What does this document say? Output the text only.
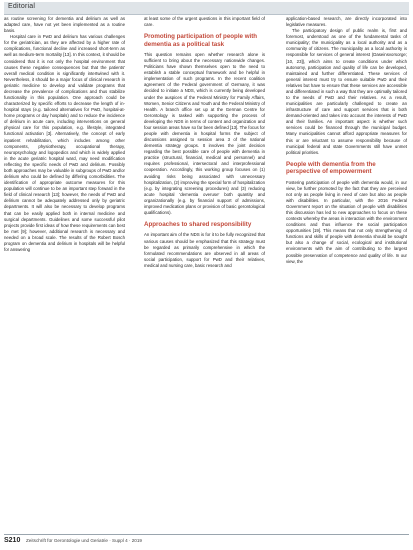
Editorial

as routine screening for dementia and delirium as well as adapted care, have not yet been implemented as a routine basis.

Hospital care in PwD and delirium has various challenges for the geriatrician, as they are affected by a higher rate of complications, functional decline and increased short-term as well as medium-term mortality [13]. In this context, it should be considered that it is not only the hospital environment that causes these negative consequences but that the patients' overall medical condition is significantly intertwined with it. Nevertheless, it should be a major focus of clinical research in geriatric medicine to develop and validate programs that decrease the prevalence of complications and thus stabilize functionality in this population. One approach could be characterized by specific efforts to decrease the length of in-hospital stays (e.g. tailored alternatives for PwD, hospital-at-home programs or day hospitals) and to reduce the incidence of delirium in acute care, including interventions on general physical care for this population, e.g. lifestyle, integrated functional activation [3]. Alternatively, the concept of early inpatient rehabilitation, which includes among other components, physiotherapy, occupational therapy, neuropsychology and logopedics and which is widely applied in the acute geriatric hospital ward, may need modification reflecting the specific needs of PwD and delirium. Possibly both approaches may be valuable in subgroups of PwD and/or delirium who could be defined by differing comorbidities. The identification of appropriate outcome measures for this population will continue to be an important step forward in the field of clinical research [13]; however, the needs of PwD and delirium cannot be adequately addressed only by geriatric departments. It will also be necessary to develop programs that can be easily applied both in internal medicine and surgical departments. Guidelines and some successful pilot projects provide first ideas of how these requirements can best be met [9]; however, additional research is necessary and needed on a broad scale. The results of the Robert Bosch program on dementia and delirium in hospitals will be helpful for answering

at least some of the urgent questions in this important field of care.

Promoting participation of people with dementia as a political task

This question remains open whether research alone is sufficient to bring about the necessary nationwide changes. Politicians have shown themselves open to the need to establish a stable conceptual framework and be helpful in implementation of such programs. In the recent coalition agreement of the Federal government of Germany, it was decided to initiate a NDS, which is currently being developed under the auspices of the Federal Ministry for Family Affairs, Women, Senior Citizens and Youth and the Federal Ministry of Health. A branch office set up at the German Centre for Gerontology is tasked with supporting the process of developing the NDS in terms of content and organization and four session areas have so far been defined [13]. The focus for people with dementia in hospital forms the subject of discussions assigned to session area 3 of the national dementia strategy groups. It involves the joint decision regarding the best possible care of people with dementia in practice (structural, financial, medical and personnel) and requires professional, intersectoral and interprofessional cooperation. Accordingly, this working group focuses on (1) avoiding risks being associated with unnecessary hospitalization, (2) improving the special form of hospitalization (e.g. by integrating screening procedures) and (3) reducing acute hospital 'dementia overuse' both quantity and organizationally (e.g. by financial support of admissions, improved medication plans or provision of basic gerontological qualifications).

Approaches to shared responsibility

An important aim of the NDS is for it to be fully recognized that various causes should be emphasized that this strategy must be regarded as primarily comprehensive in which the formulated recommendations are observed in all areas of social participation, support for PwD and their relatives, medical and nursing care, basic research and

application-based research, are directly incorporated into legislative measures.

The participatory design of public realm is, first and foremost, understood as one of the fundamental tasks of municipality; the municipality as a local authority and as a community of citizens. The municipality as a local authority is responsible for services of general interest (Daseinsvorsorge; [10, 23]), which aims to create conditions under which autonomy, participation and quality of life can be developed, maintained and further differentiated. These services of general interest must try to ensure suitable PwD and their relatives but have to ensure that these services are accessible and differentiated in such a way that they are optimally tailored to the needs of PwD and their relatives. As a result, municipalities are particularly challenged to create an infrastructure of care and support services that is both demand-oriented and takes into account the interests of PwD and their families. An important aspect is whether such services could be financed through the municipal budget. Many municipalities cannot afford appropriate measures for this or are reluctant to assume responsibility because of municipal federal and state Governments still have unmet political priorities.

People with dementia from the perspective of empowerment

Fostering participation of people with dementia would, in our view, be further promoted by the fact that they are perceived not only as people living in need of care but also as people with disabilities. In particular, with the 2016 Federal Government report on the situation of people with disabilities this discussion has led to new approaches to focus on these contexts whereby the areas in interaction with the environment conditions and thus influence the social participation opportunities [19]. This means that not only strengthening of functions and skills of people with dementia should be sought but also a change of social, ecological and institutional environments with the aim of contributing to the largest possible preservation of competence and quality of life. In our view, the

S210 Zeitschrift für Gerontologie und Geriatrie · Suppl 4 · 2019
